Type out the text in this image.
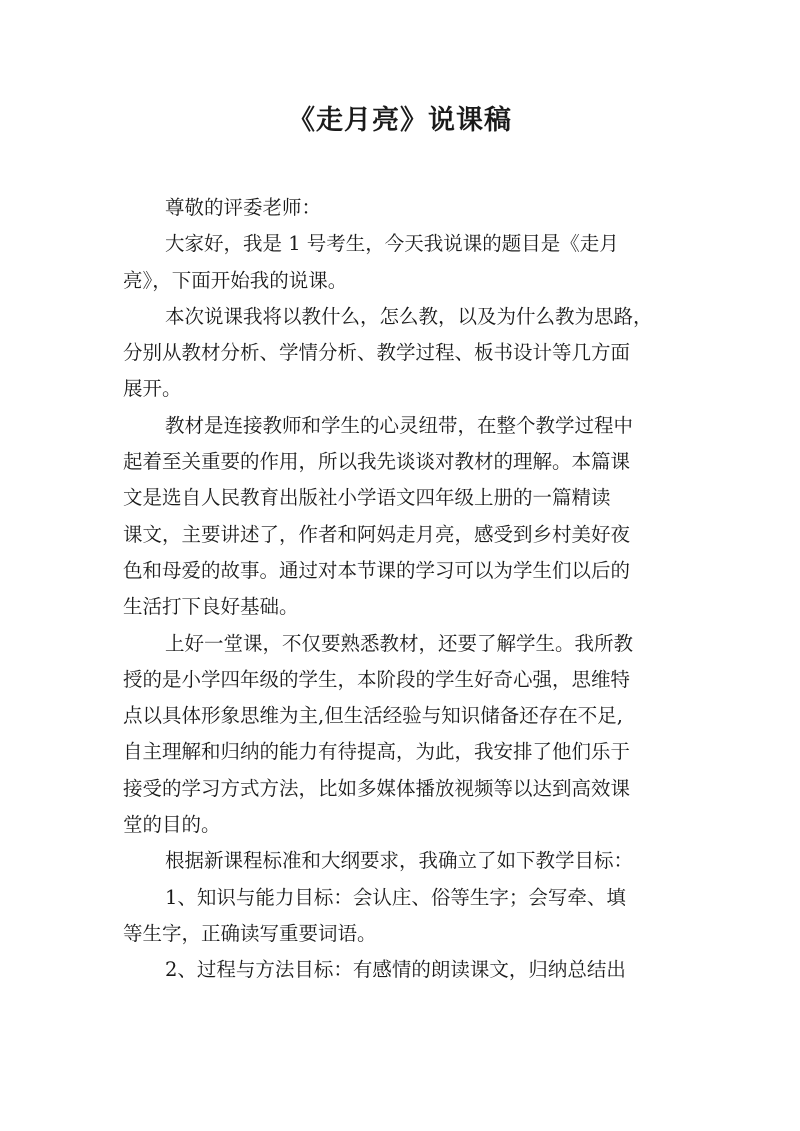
《走月亮》说课稿
尊敬的评委老师：
大家好，我是 1 号考生，今天我说课的题目是《走月
亮》，下面开始我的说课。
本次说课我将以教什么，怎么教，以及为什么教为思路，
分别从教材分析、学情分析、教学过程、板书设计等几方面
展开。
教材是连接教师和学生的心灵纽带，在整个教学过程中
起着至关重要的作用，所以我先谈谈对教材的理解。本篇课
文是选自人民教育出版社小学语文四年级上册的一篇精读
课文，主要讲述了，作者和阿妈走月亮，感受到乡村美好夜
色和母爱的故事。通过对本节课的学习可以为学生们以后的
生活打下良好基础。
上好一堂课，不仅要熟悉教材，还要了解学生。我所教
授的是小学四年级的学生，本阶段的学生好奇心强，思维特
点以具体形象思维为主,但生活经验与知识储备还存在不足,
自主理解和归纳的能力有待提高，为此，我安排了他们乐于
接受的学习方式方法，比如多媒体播放视频等以达到高效课
堂的目的。
根据新课程标准和大纲要求，我确立了如下教学目标：
1、知识与能力目标：会认庄、俗等生字；会写牵、填
等生字，正确读写重要词语。
2、过程与方法目标：有感情的朗读课文，归纳总结出
